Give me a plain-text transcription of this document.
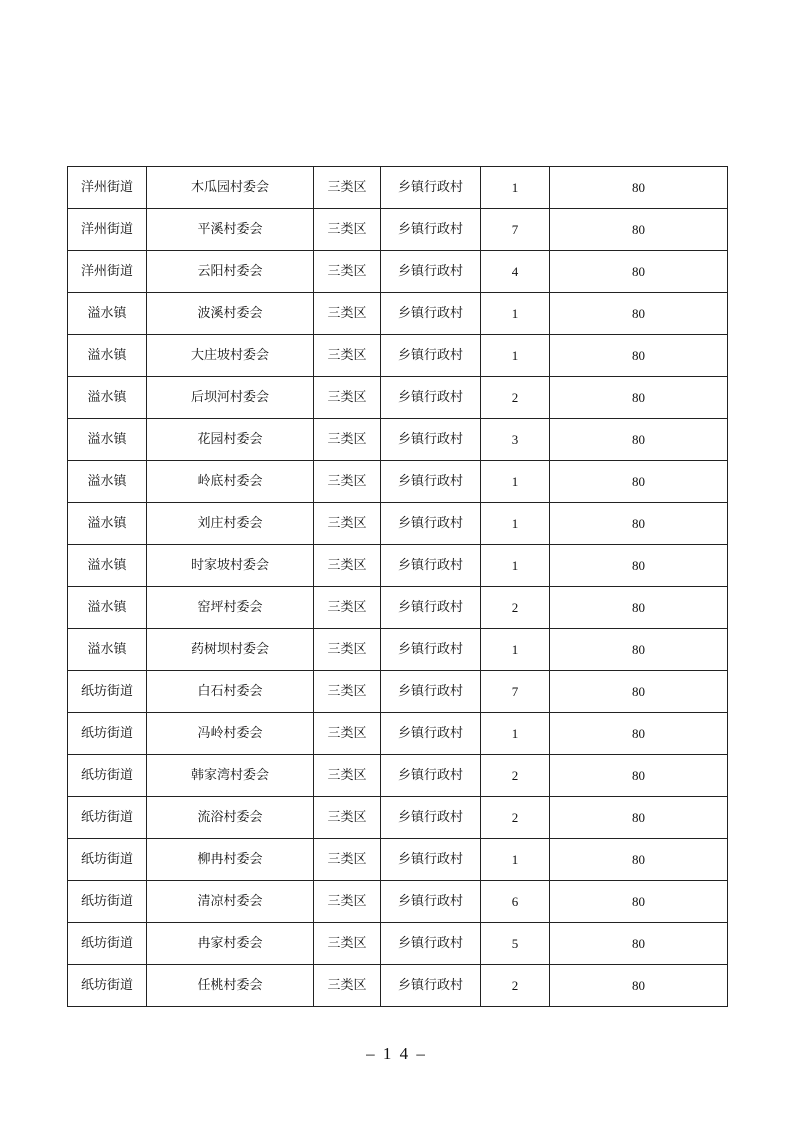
洋州街道	木瓜园村委会	三类区	乡镇行政村	1	80
洋州街道	平溪村委会	三类区	乡镇行政村	7	80
洋州街道	云阳村委会	三类区	乡镇行政村	4	80
溢水镇	波溪村委会	三类区	乡镇行政村	1	80
溢水镇	大庄坡村委会	三类区	乡镇行政村	1	80
溢水镇	后坝河村委会	三类区	乡镇行政村	2	80
溢水镇	花园村委会	三类区	乡镇行政村	3	80
溢水镇	岭底村委会	三类区	乡镇行政村	1	80
溢水镇	刘庄村委会	三类区	乡镇行政村	1	80
溢水镇	时家坡村委会	三类区	乡镇行政村	1	80
溢水镇	窑坪村委会	三类区	乡镇行政村	2	80
溢水镇	药树坝村委会	三类区	乡镇行政村	1	80
纸坊街道	白石村委会	三类区	乡镇行政村	7	80
纸坊街道	冯岭村委会	三类区	乡镇行政村	1	80
纸坊街道	韩家湾村委会	三类区	乡镇行政村	2	80
纸坊街道	流浴村委会	三类区	乡镇行政村	2	80
纸坊街道	柳冉村委会	三类区	乡镇行政村	1	80
纸坊街道	清凉村委会	三类区	乡镇行政村	6	80
纸坊街道	冉家村委会	三类区	乡镇行政村	5	80
纸坊街道	任桃村委会	三类区	乡镇行政村	2	80
– 1 4 –
